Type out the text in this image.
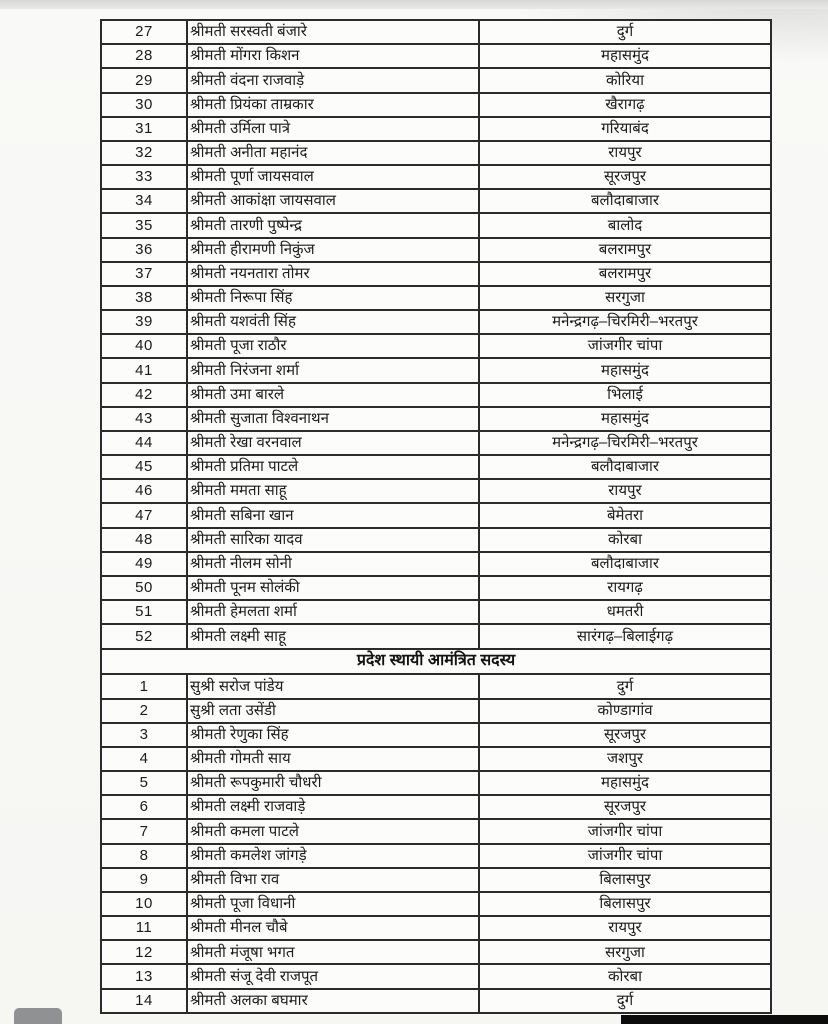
27	श्रीमती सरस्वती बंजारे	दुर्ग
28	श्रीमती मोंगरा किशन	महासमुंद
29	श्रीमती वंदना राजवाड़े	कोरिया
30	श्रीमती प्रियंका ताम्रकार	खैरागढ़
31	श्रीमती उर्मिला पात्रे	गरियाबंद
32	श्रीमती अनीता महानंद	रायपुर
33	श्रीमती पूर्णा जायसवाल	सूरजपुर
34	श्रीमती आकांक्षा जायसवाल	बलौदाबाजार
35	श्रीमती तारणी पुष्पेन्द्र	बालोद
36	श्रीमती हीरामणी निकुंज	बलरामपुर
37	श्रीमती नयनतारा तोमर	बलरामपुर
38	श्रीमती निरूपा सिंह	सरगुजा
39	श्रीमती यशवंती सिंह	मनेन्द्रगढ़–चिरमिरी–भरतपुर
40	श्रीमती पूजा राठौर	जांजगीर चांपा
41	श्रीमती निरंजना शर्मा	महासमुंद
42	श्रीमती उमा बारले	भिलाई
43	श्रीमती सुजाता विश्वनाथन	महासमुंद
44	श्रीमती रेखा वरनवाल	मनेन्द्रगढ़–चिरमिरी–भरतपुर
45	श्रीमती प्रतिमा पाटले	बलौदाबाजार
46	श्रीमती ममता साहू	रायपुर
47	श्रीमती सबिना खान	बेमेतरा
48	श्रीमती सारिका यादव	कोरबा
49	श्रीमती नीलम सोनी	बलौदाबाजार
50	श्रीमती पूनम सोलंकी	रायगढ़
51	श्रीमती हेमलता शर्मा	धमतरी
52	श्रीमती लक्ष्मी साहू	सारंगढ़–बिलाईगढ़
प्रदेश स्थायी आमंत्रित सदस्य		
1	सुश्री सरोज पांडेय	दुर्ग
2	सुश्री लता उसेंडी	कोण्डागांव
3	श्रीमती रेणुका सिंह	सूरजपुर
4	श्रीमती गोमती साय	जशपुर
5	श्रीमती रूपकुमारी चौधरी	महासमुंद
6	श्रीमती लक्ष्मी राजवाड़े	सूरजपुर
7	श्रीमती कमला पाटले	जांजगीर चांपा
8	श्रीमती कमलेश जांगड़े	जांजगीर चांपा
9	श्रीमती विभा राव	बिलासपुर
10	श्रीमती पूजा विधानी	बिलासपुर
11	श्रीमती मीनल चौबे	रायपुर
12	श्रीमती मंजूषा भगत	सरगुजा
13	श्रीमती संजू देवी राजपूत	कोरबा
14	श्रीमती अलका बघमार	दुर्ग
